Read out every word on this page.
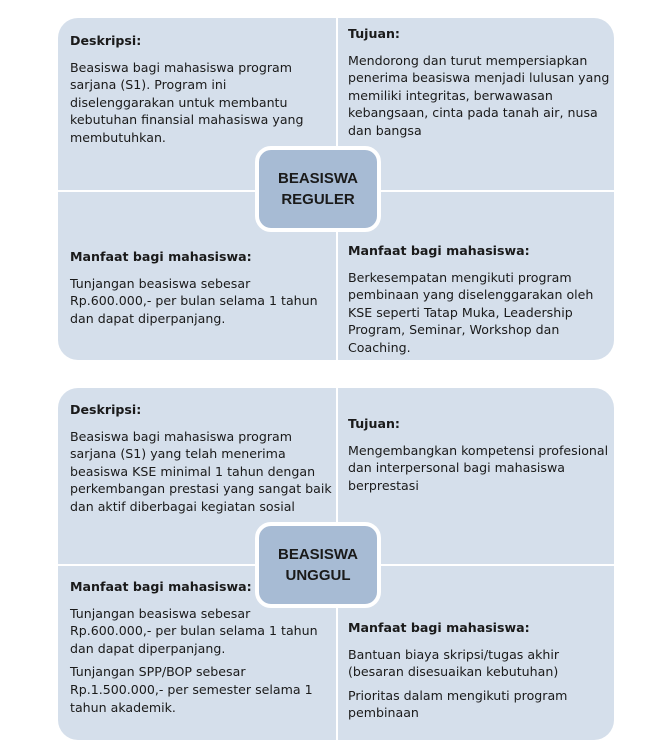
Deskripsi:
Beasiswa bagi mahasiswa program sarjana (S1). Program ini diselenggarakan untuk membantu kebutuhan finansial mahasiswa yang membutuhkan.
Tujuan:
Mendorong dan turut mempersiapkan penerima beasiswa menjadi lulusan yang memiliki integritas, berwawasan kebangsaan, cinta pada tanah air, nusa dan bangsa
Manfaat bagi mahasiswa:
Tunjangan beasiswa sebesar Rp.600.000,- per bulan selama 1 tahun dan dapat diperpanjang.
Manfaat bagi mahasiswa:
Berkesempatan mengikuti program pembinaan yang diselenggarakan oleh KSE seperti Tatap Muka, Leadership Program, Seminar, Workshop dan Coaching.
BEASISWA
REGULER
Deskripsi:
Beasiswa bagi mahasiswa program sarjana (S1) yang telah menerima beasiswa KSE minimal 1 tahun dengan perkembangan prestasi yang sangat baik dan aktif diberbagai kegiatan sosial
Tujuan:
Mengembangkan kompetensi profesional dan interpersonal bagi mahasiswa berprestasi
Manfaat bagi mahasiswa:
Tunjangan beasiswa sebesar Rp.600.000,- per bulan selama 1 tahun dan dapat diperpanjang.
Tunjangan SPP/BOP sebesar Rp.1.500.000,- per semester selama 1 tahun akademik.
Manfaat bagi mahasiswa:
Bantuan biaya skripsi/tugas akhir (besaran disesuaikan kebutuhan)
Prioritas dalam mengikuti program pembinaan
BEASISWA
UNGGUL
